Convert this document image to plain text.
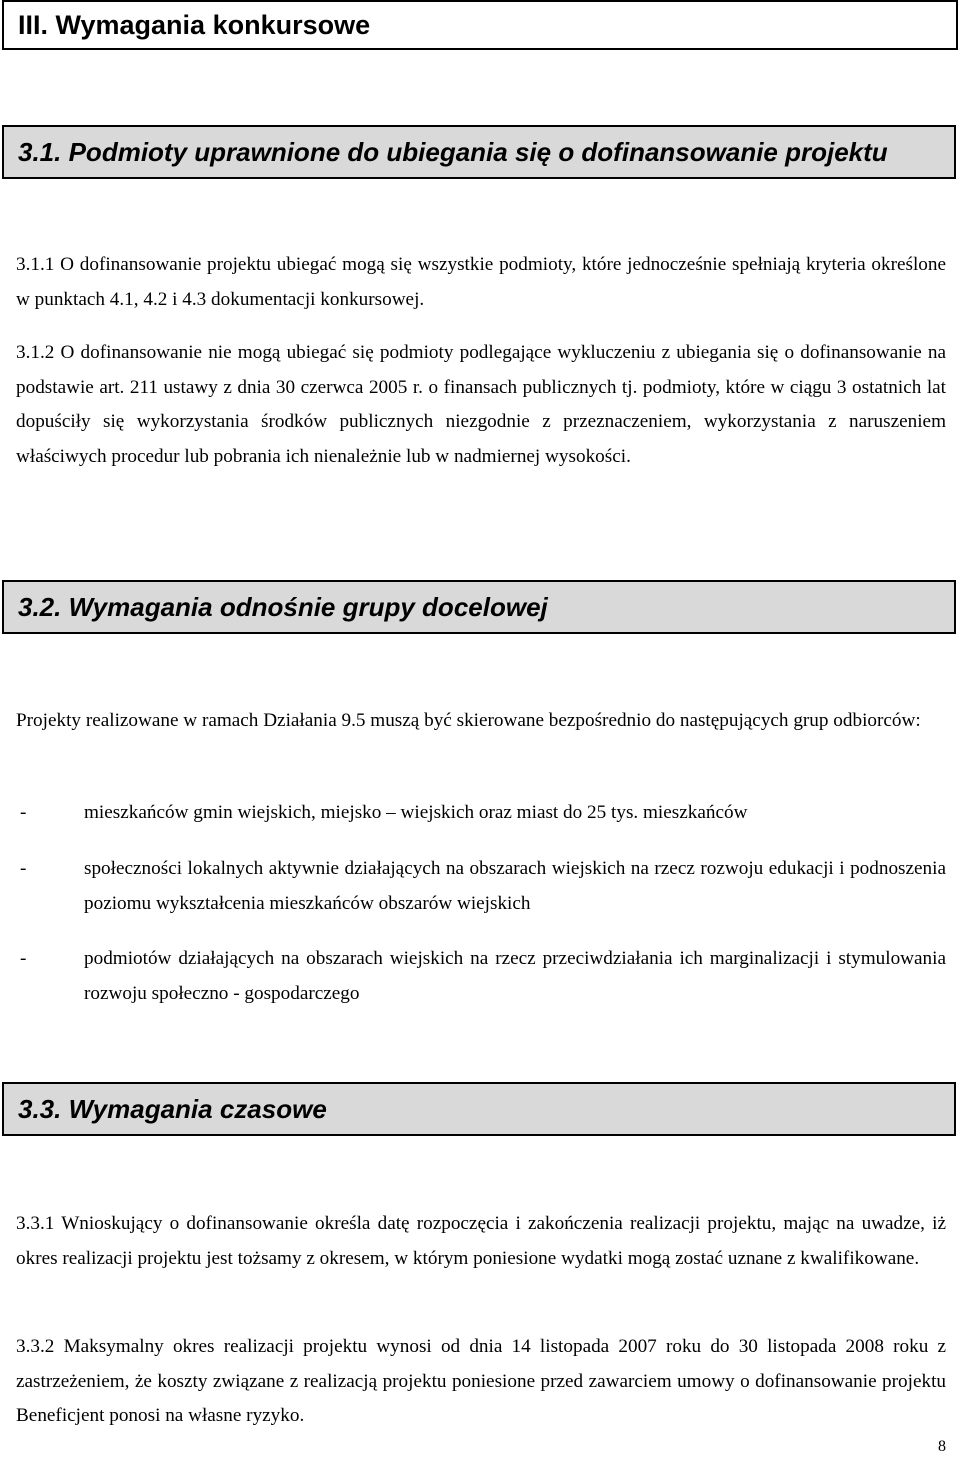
III. Wymagania konkursowe
3.1. Podmioty uprawnione do ubiegania się o dofinansowanie projektu

3.1.1 O dofinansowanie projektu ubiegać mogą się wszystkie podmioty, które jednocześnie spełniają kryteria określone w punktach 4.1, 4.2 i 4.3 dokumentacji konkursowej.

3.1.2 O dofinansowanie nie mogą ubiegać się podmioty podlegające wykluczeniu z ubiegania się o dofinansowanie na podstawie art. 211 ustawy z dnia 30 czerwca 2005 r. o finansach publicznych tj. podmioty, które w ciągu 3 ostatnich lat dopuściły się wykorzystania środków publicznych niezgodnie z przeznaczeniem, wykorzystania z naruszeniem właściwych procedur lub pobrania ich nienależnie lub w nadmiernej wysokości.

3.2. Wymagania odnośnie grupy docelowej

Projekty realizowane w ramach Działania 9.5 muszą być skierowane bezpośrednio do następujących grup odbiorców:

-	mieszkańców gmin wiejskich, miejsko – wiejskich oraz miast do 25 tys. mieszkańców
-	społeczności lokalnych aktywnie działających na obszarach wiejskich na rzecz rozwoju edukacji i podnoszenia poziomu wykształcenia mieszkańców obszarów wiejskich
-	podmiotów działających na obszarach wiejskich na rzecz przeciwdziałania ich marginalizacji i stymulowania rozwoju społeczno - gospodarczego
3.3. Wymagania czasowe

3.3.1 Wnioskujący o dofinansowanie określa datę rozpoczęcia i zakończenia realizacji projektu, mając na uwadze, iż okres realizacji projektu jest tożsamy z okresem, w którym poniesione wydatki mogą zostać uznane z kwalifikowane.

3.3.2 Maksymalny okres realizacji projektu wynosi od dnia 14 listopada 2007 roku do 30 listopada 2008 roku z zastrzeżeniem, że koszty związane z realizacją projektu poniesione przed zawarciem umowy o dofinansowanie projektu Beneficjent ponosi na własne ryzyko.

8
